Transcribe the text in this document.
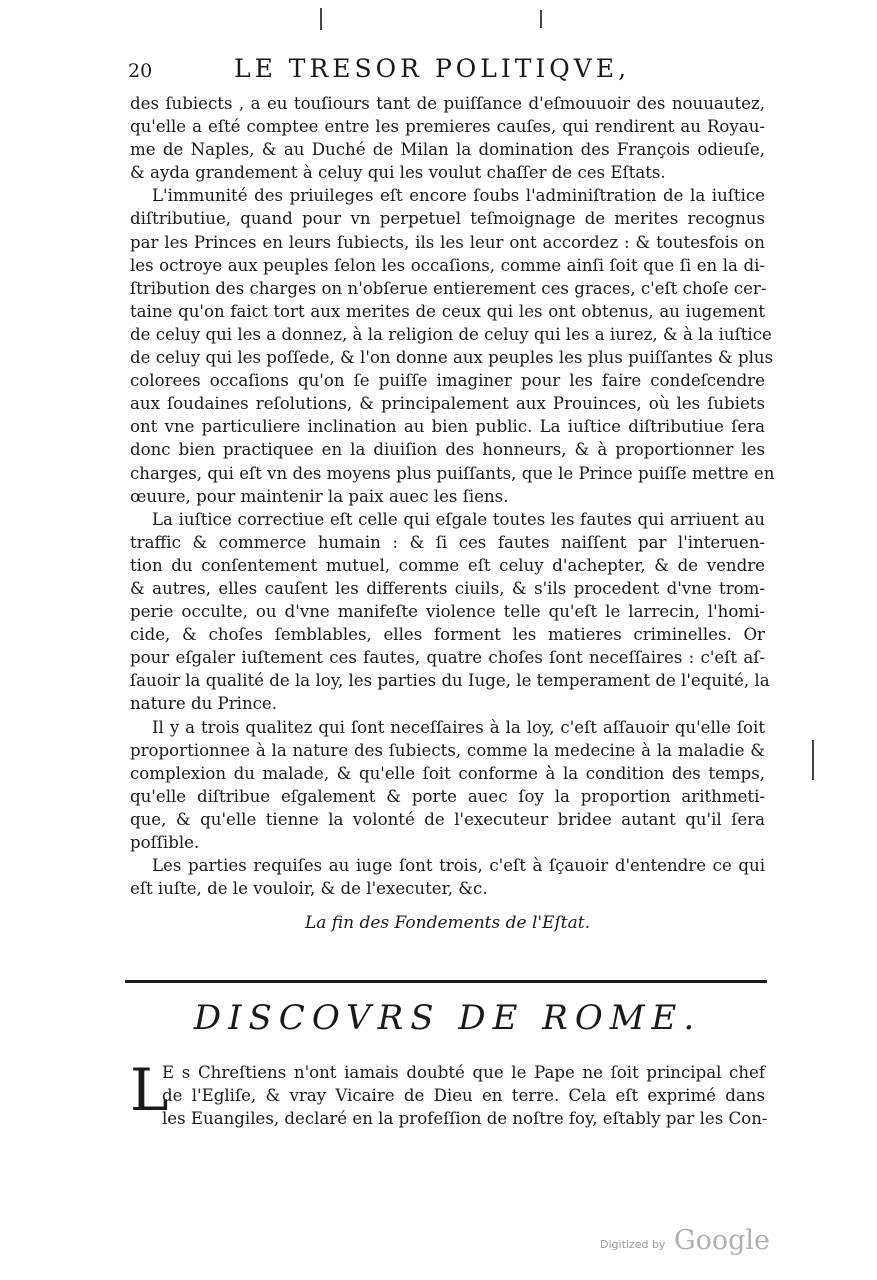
20	LE TRESOR POLITIQVE,
des ſubiects , a eu touſiours tant de puiſſance d'eſmouuoir des nouuautez,
qu'elle a eſté comptee entre les premieres cauſes, qui rendirent au Royau-
me de Naples, & au Duché de Milan la domination des François odieuſe,
& ayda grandement à celuy qui les voulut chaſſer de ces Eſtats.
L'immunité des priuileges eſt encore ſoubs l'adminiſtration de la iuſtice
diſtributiue, quand pour vn perpetuel teſmoignage de merites recognus
par les Princes en leurs ſubiects, ils les leur ont accordez : & toutesfois on
les octroye aux peuples ſelon les occaſions, comme ainſi ſoit que ſi en la di-
ſtribution des charges on n'obſerue entierement ces graces, c'eſt choſe cer-
taine qu'on faict tort aux merites de ceux qui les ont obtenus, au iugement
de celuy qui les a donnez, à la religion de celuy qui les a iurez, & à la iuſtice
de celuy qui les poſſede, & l'on donne aux peuples les plus puiſſantes & plus
colorees occaſions qu'on ſe puiſſe imaginer pour les faire condeſcendre
aux ſoudaines reſolutions, & principalement aux Prouinces, où les ſubiets
ont vne particuliere inclination au bien public. La iuſtice diſtributiue ſera
donc bien practiquee en la diuiſion des honneurs, & à proportionner les
charges, qui eſt vn des moyens plus puiſſants, que le Prince puiſſe mettre en
œuure, pour maintenir la paix auec les ſiens.
La iuſtice correctiue eſt celle qui eſgale toutes les fautes qui arriuent au
traffic & commerce humain : & ſi ces fautes naiſſent par l'interuen-
tion du conſentement mutuel, comme eſt celuy d'achepter, & de vendre
& autres, elles cauſent les differents ciuils, & s'ils procedent d'vne trom-
perie occulte, ou d'vne manifeſte violence telle qu'eſt le larrecin, l'homi-
cide, & choſes ſemblables, elles forment les matieres criminelles. Or
pour eſgaler iuſtement ces fautes, quatre choſes ſont neceſſaires : c'eſt aſ-
ſauoir la qualité de la loy, les parties du Iuge, le temperament de l'equité, la
nature du Prince.
Il y a trois qualitez qui ſont neceſſaires à la loy, c'eſt aſſauoir qu'elle ſoit
proportionnee à la nature des ſubiects, comme la medecine à la maladie &
complexion du malade, & qu'elle ſoit conforme à la condition des temps,
qu'elle diſtribue eſgalement & porte auec ſoy la proportion arithmeti-
que, & qu'elle tienne la volonté de l'executeur bridee autant qu'il ſera
poſſible.
Les parties requiſes au iuge ſont trois, c'eſt à ſçauoir d'entendre ce qui
eſt iuſte, de le vouloir, & de l'executer, &c.
La fin des Fondements de l'Eſtat.
DISCOVRS DE ROME.
L
E s Chreſtiens n'ont iamais doubté que le Pape ne ſoit principal chef
de l'Egliſe, & vray Vicaire de Dieu en terre. Cela eſt exprimé dans
les Euangiles, declaré en la profeſſion de noſtre foy, eſtably par les Con-
Digitized by Google
